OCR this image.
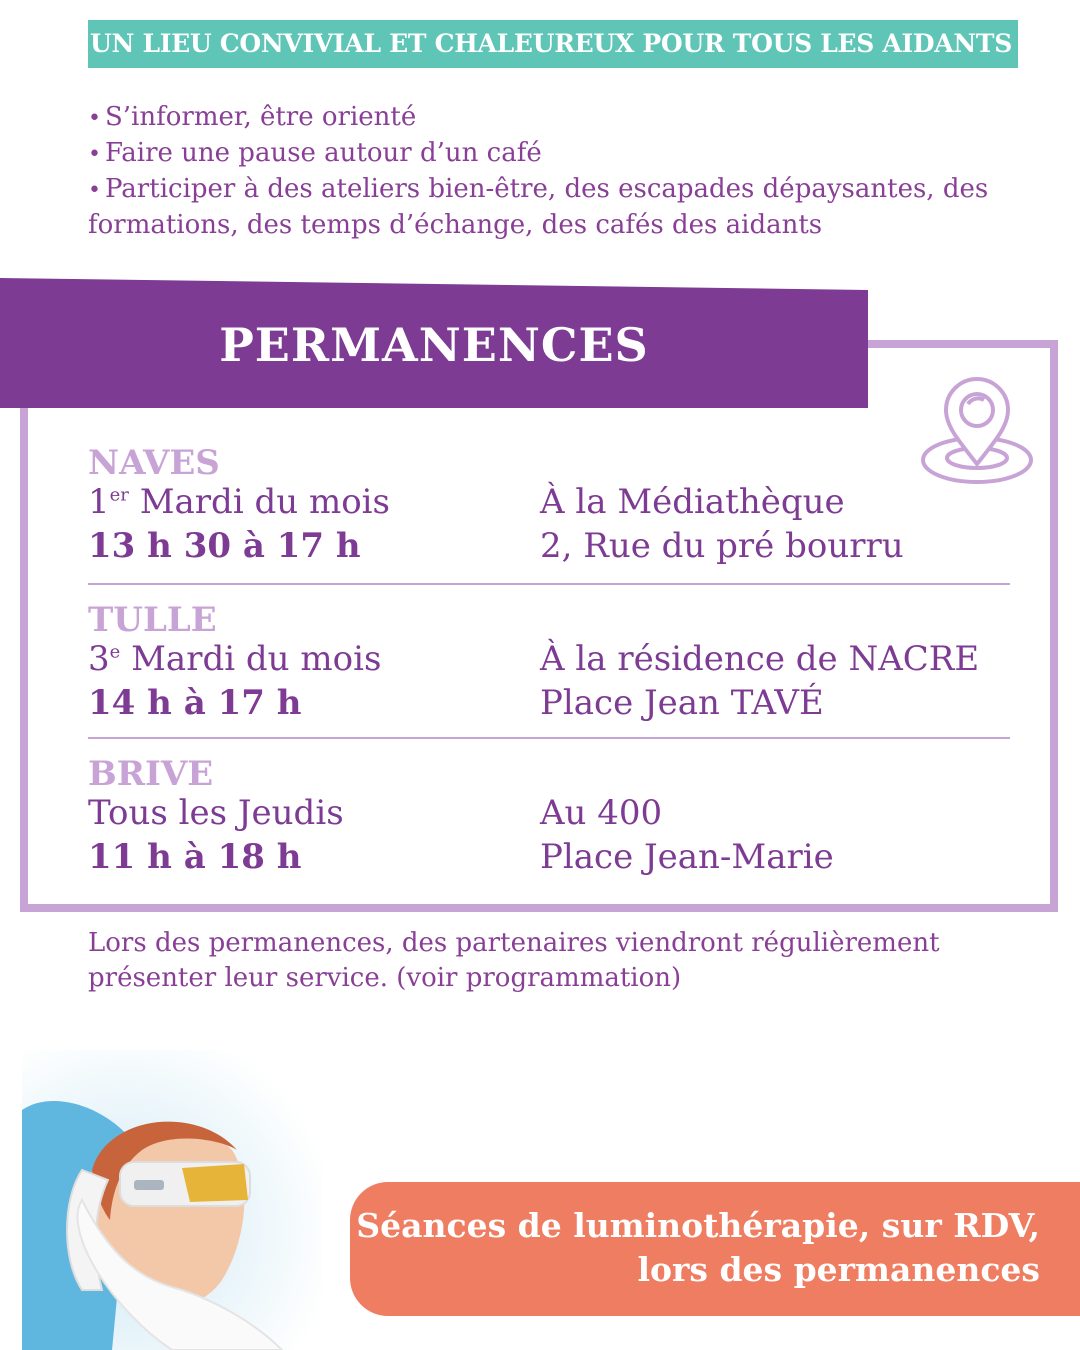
UN LIEU CONVIVIAL ET CHALEUREUX POUR TOUS LES AIDANTS :
• S’informer, être orienté
• Faire une pause autour d’un café
• Participer à des ateliers bien-être, des escapades dépaysantes, des formations, des temps d’échange, des cafés des aidants
PERMANENCES
NAVES
1er Mardi du mois	À la Médiathèque
13 h 30 à 17 h	2, Rue du pré bourru
TULLE
3e Mardi du mois	À la résidence de NACRE
14 h à 17 h	Place Jean TAVÉ
BRIVE
Tous les Jeudis	Au 400
11 h à 18 h	Place Jean-Marie
Lors des permanences, des partenaires viendront régulièrement présenter leur service. (voir programmation)
Séances de luminothérapie, sur RDV,
lors des permanences
